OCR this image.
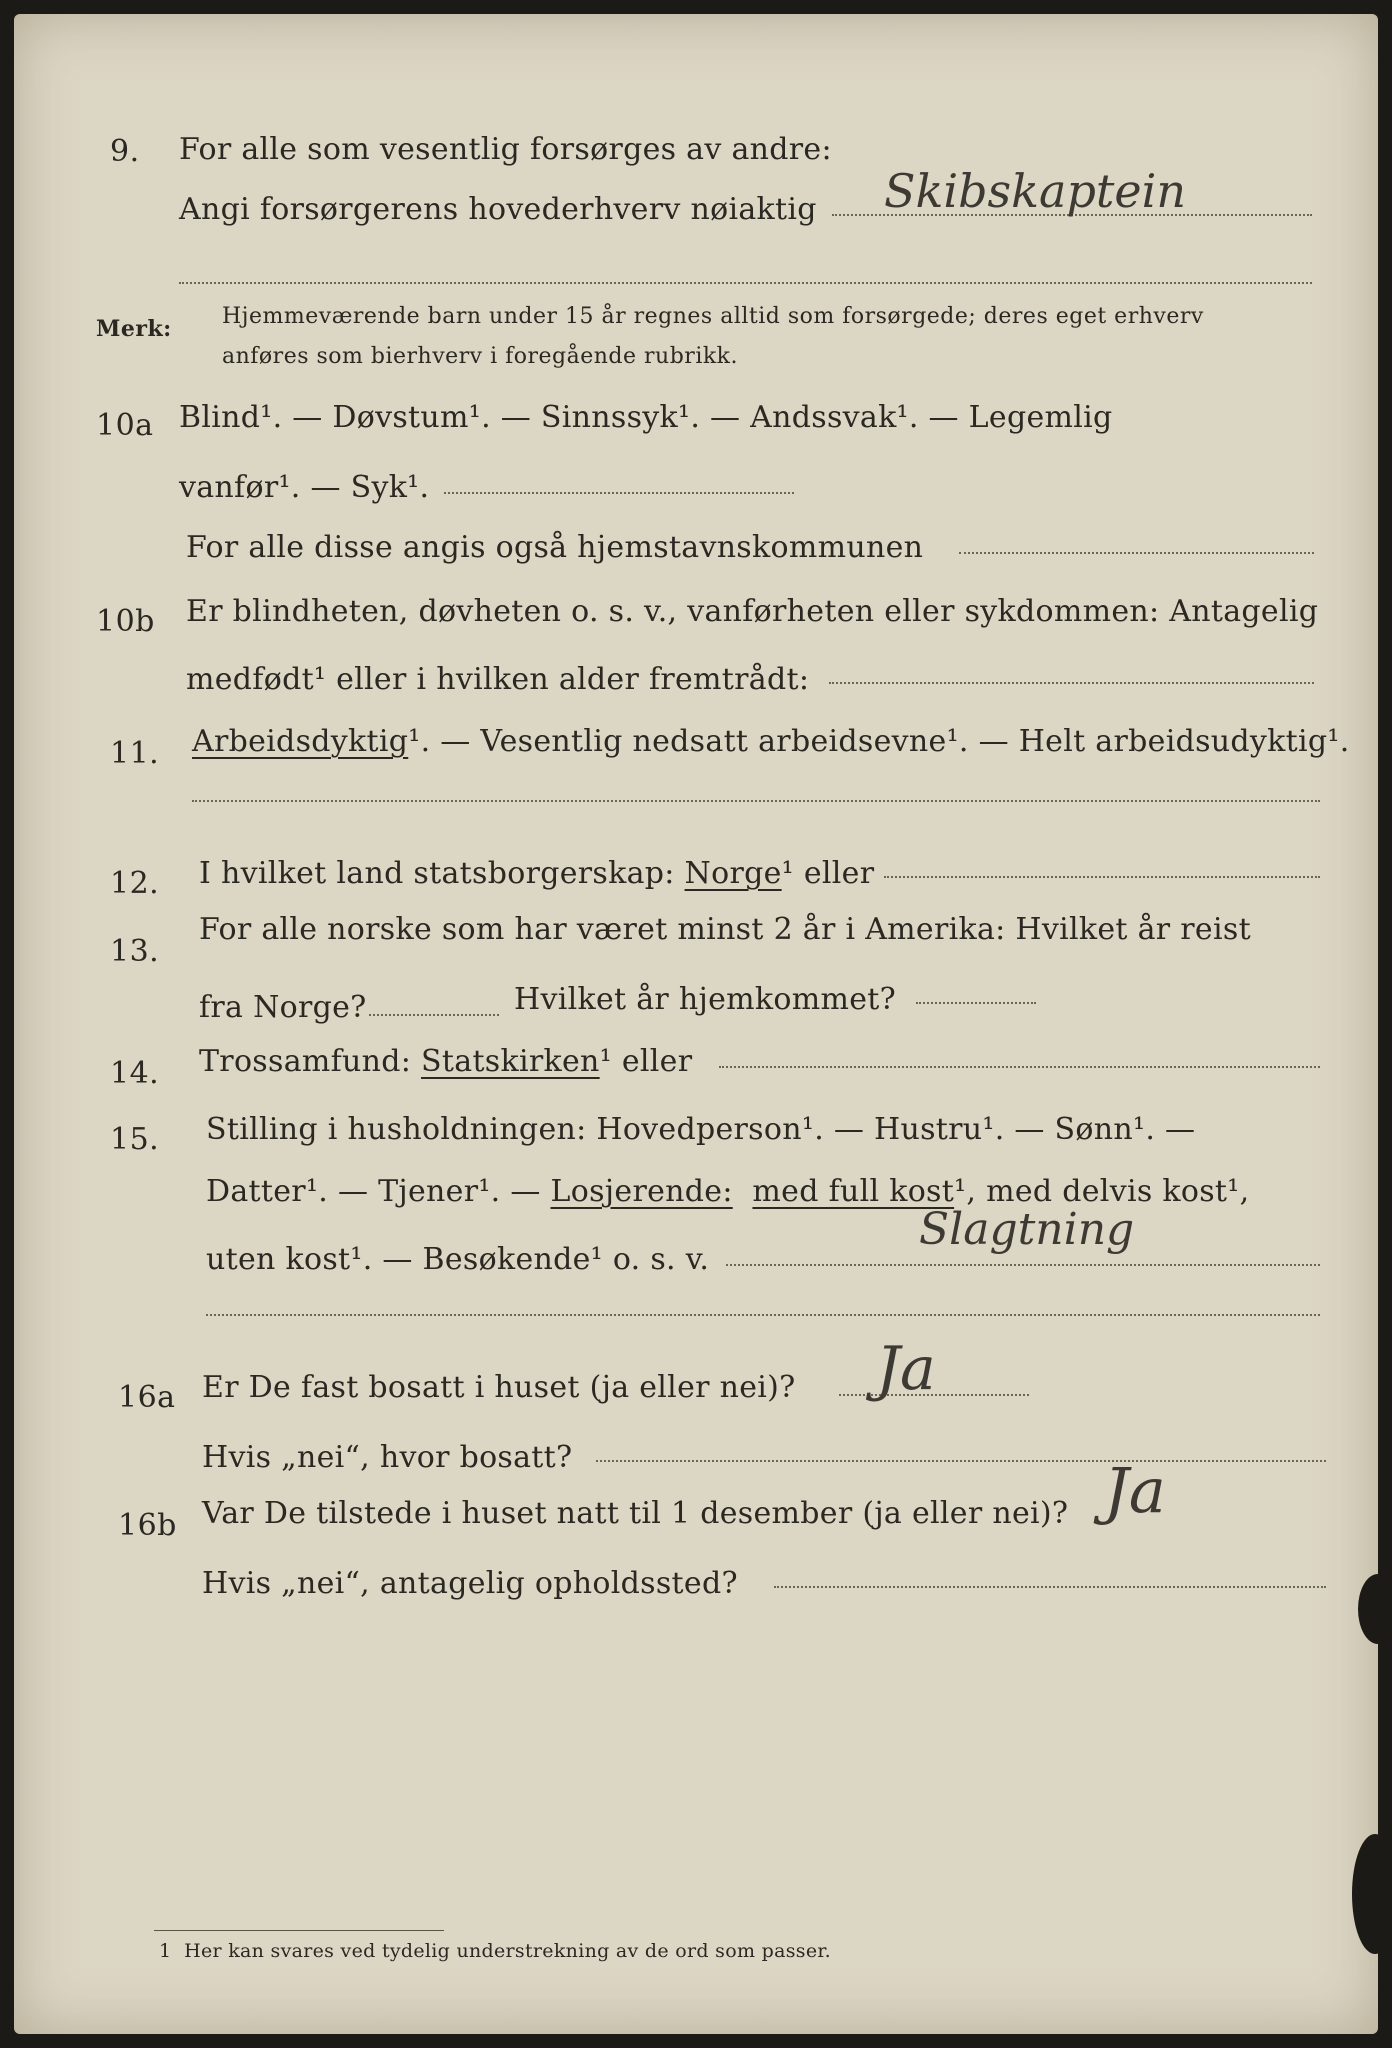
9. For alle som vesentlig forsørges av andre:
Angi forsørgerens hovederhverv nøiaktig Skibskaptein
Merk: Hjemmeværende barn under 15 år regnes alltid som forsørgede; deres eget erhverv
anføres som bierhverv i foregående rubrikk.
10a Blind¹. — Døvstum¹. — Sinnssyk¹. — Andssvak¹. — Legemlig
vanfør¹. — Syk¹.
For alle disse angis også hjemstavnskommunen
10b Er blindheten, døvheten o. s. v., vanførheten eller sykdommen: Antagelig
medfødt¹ eller i hvilken alder fremtrådt:
11. Arbeidsdyktig¹. — Vesentlig nedsatt arbeidsevne¹. — Helt arbeidsudyktig¹.
12. I hvilket land statsborgerskap: Norge¹ eller
13.
For alle norske som har været minst 2 år i Amerika: Hvilket år reist
fra Norge?	Hvilket år hjemkommet?
14. Trossamfund: Statskirken¹ eller
15. Stilling i husholdningen: Hovedperson¹. — Hustru¹. — Sønn¹. —
Datter¹. — Tjener¹. — Losjerende: med full kost¹, med delvis kost¹,
uten kost¹. — Besøkende¹ o. s. v.
Slagtning
16a Er De fast bosatt i huset (ja eller nei)? Ja
Hvis „nei“, hvor bosatt?
16b Var De tilstede i huset natt til 1 desember (ja eller nei)? Ja
Hvis „nei“, antagelig opholdssted?
1 Her kan svares ved tydelig understrekning av de ord som passer.
